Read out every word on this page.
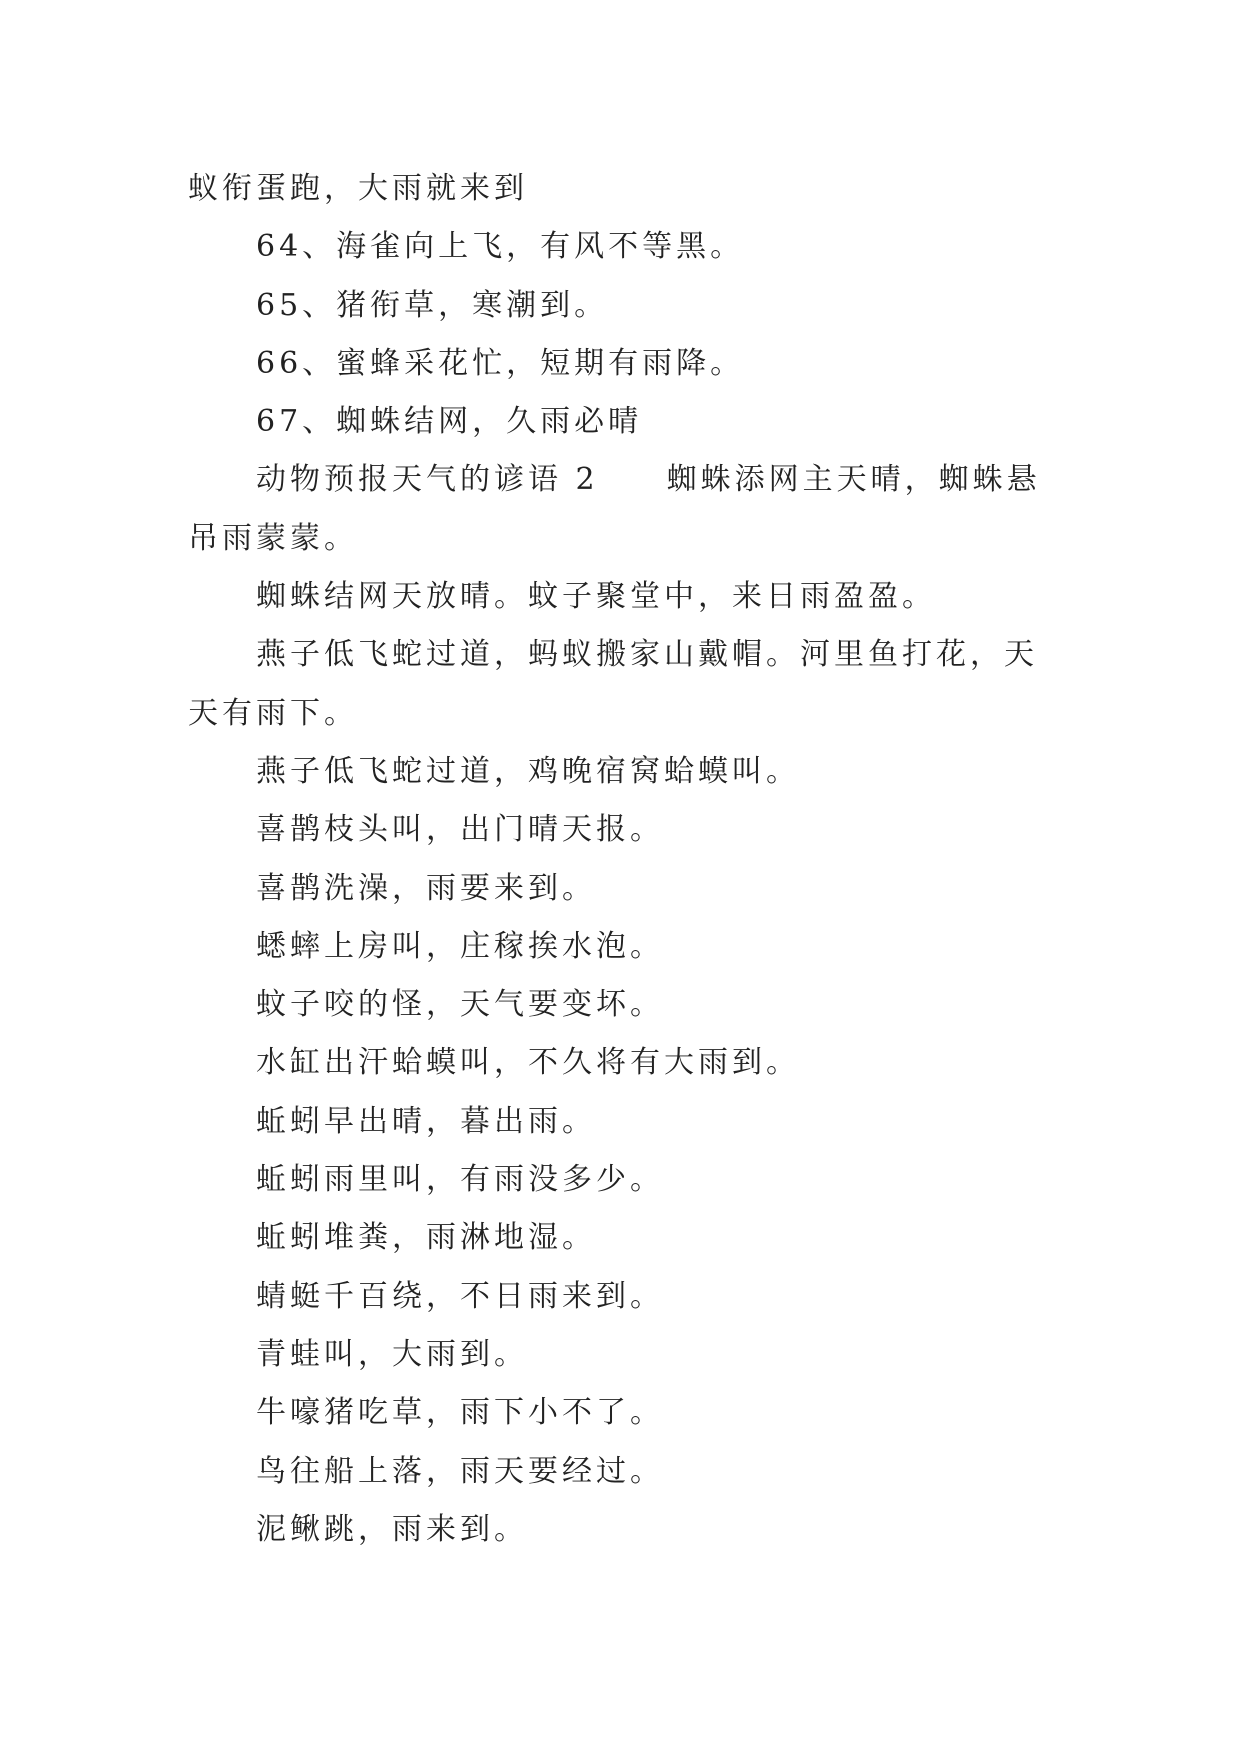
蚁衔蛋跑，大雨就来到

64、海雀向上飞，有风不等黑。

65、猪衔草，寒潮到。

66、蜜蜂采花忙，短期有雨降。

67、蜘蛛结网，久雨必晴

动物预报天气的谚语 2　　蜘蛛添网主天晴，蜘蛛悬吊雨蒙蒙。

蜘蛛结网天放晴。蚊子聚堂中，来日雨盈盈。

燕子低飞蛇过道，蚂蚁搬家山戴帽。河里鱼打花，天天有雨下。

燕子低飞蛇过道，鸡晚宿窝蛤蟆叫。

喜鹊枝头叫，出门晴天报。

喜鹊洗澡，雨要来到。

蟋蟀上房叫，庄稼挨水泡。

蚊子咬的怪，天气要变坏。

水缸出汗蛤蟆叫，不久将有大雨到。

蚯蚓早出晴，暮出雨。

蚯蚓雨里叫，有雨没多少。

蚯蚓堆粪，雨淋地湿。

蜻蜓千百绕，不日雨来到。

青蛙叫，大雨到。

牛嚎猪吃草，雨下小不了。

鸟往船上落，雨天要经过。

泥鳅跳，雨来到。
